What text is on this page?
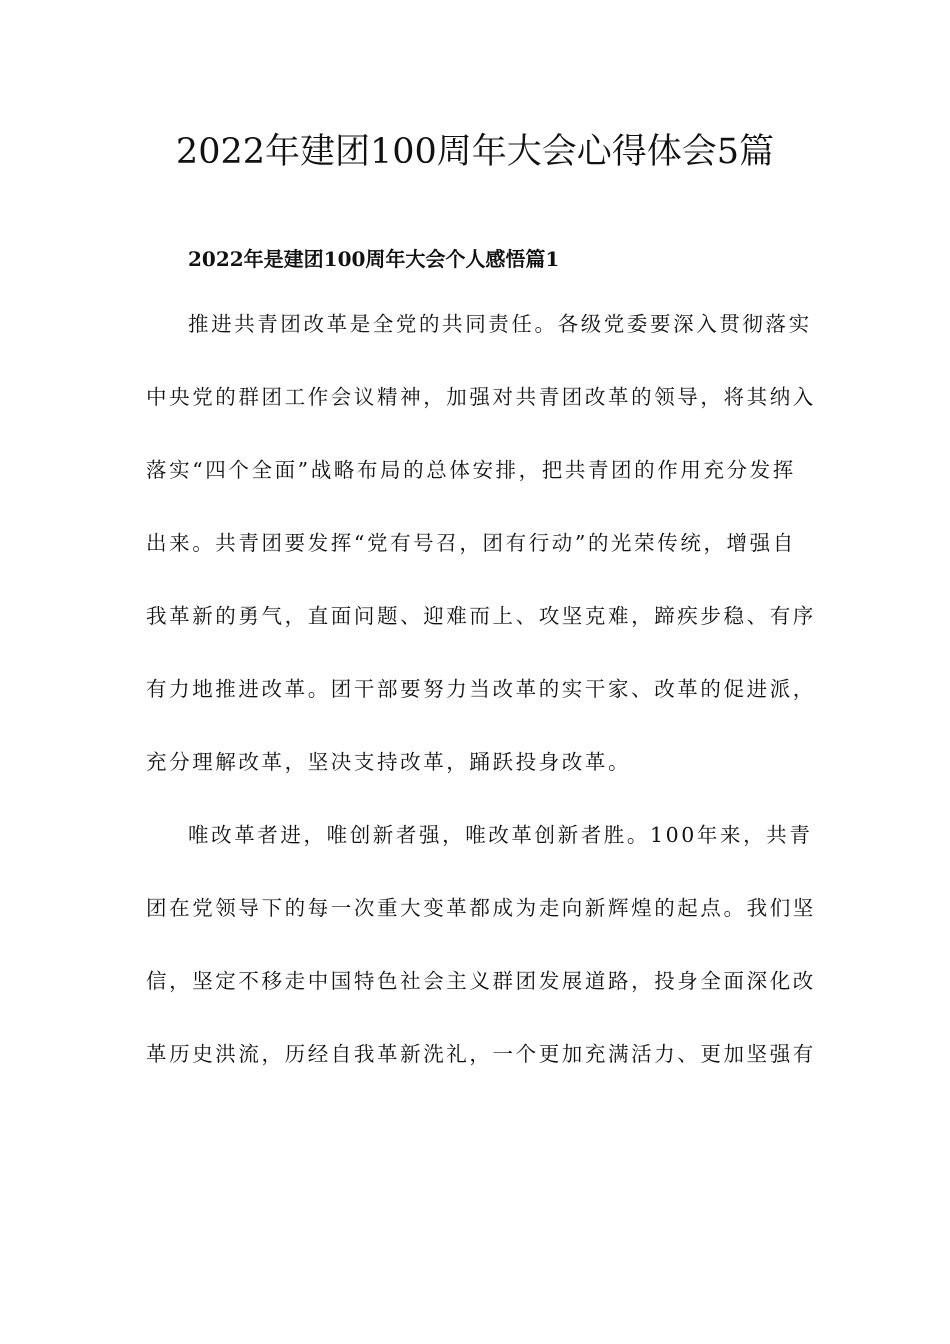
2022年建团100周年大会心得体会5篇
2022年是建团100周年大会个人感悟篇1
推进共青团改革是全党的共同责任。各级党委要深入贯彻落实
中央党的群团工作会议精神，加强对共青团改革的领导，将其纳入
落实“四个全面”战略布局的总体安排，把共青团的作用充分发挥
出来。共青团要发挥“党有号召，团有行动”的光荣传统，增强自
我革新的勇气，直面问题、迎难而上、攻坚克难，蹄疾步稳、有序
有力地推进改革。团干部要努力当改革的实干家、改革的促进派，
充分理解改革，坚决支持改革，踊跃投身改革。
唯改革者进，唯创新者强，唯改革创新者胜。100年来，共青
团在党领导下的每一次重大变革都成为走向新辉煌的起点。我们坚
信，坚定不移走中国特色社会主义群团发展道路，投身全面深化改
革历史洪流，历经自我革新洗礼，一个更加充满活力、更加坚强有
